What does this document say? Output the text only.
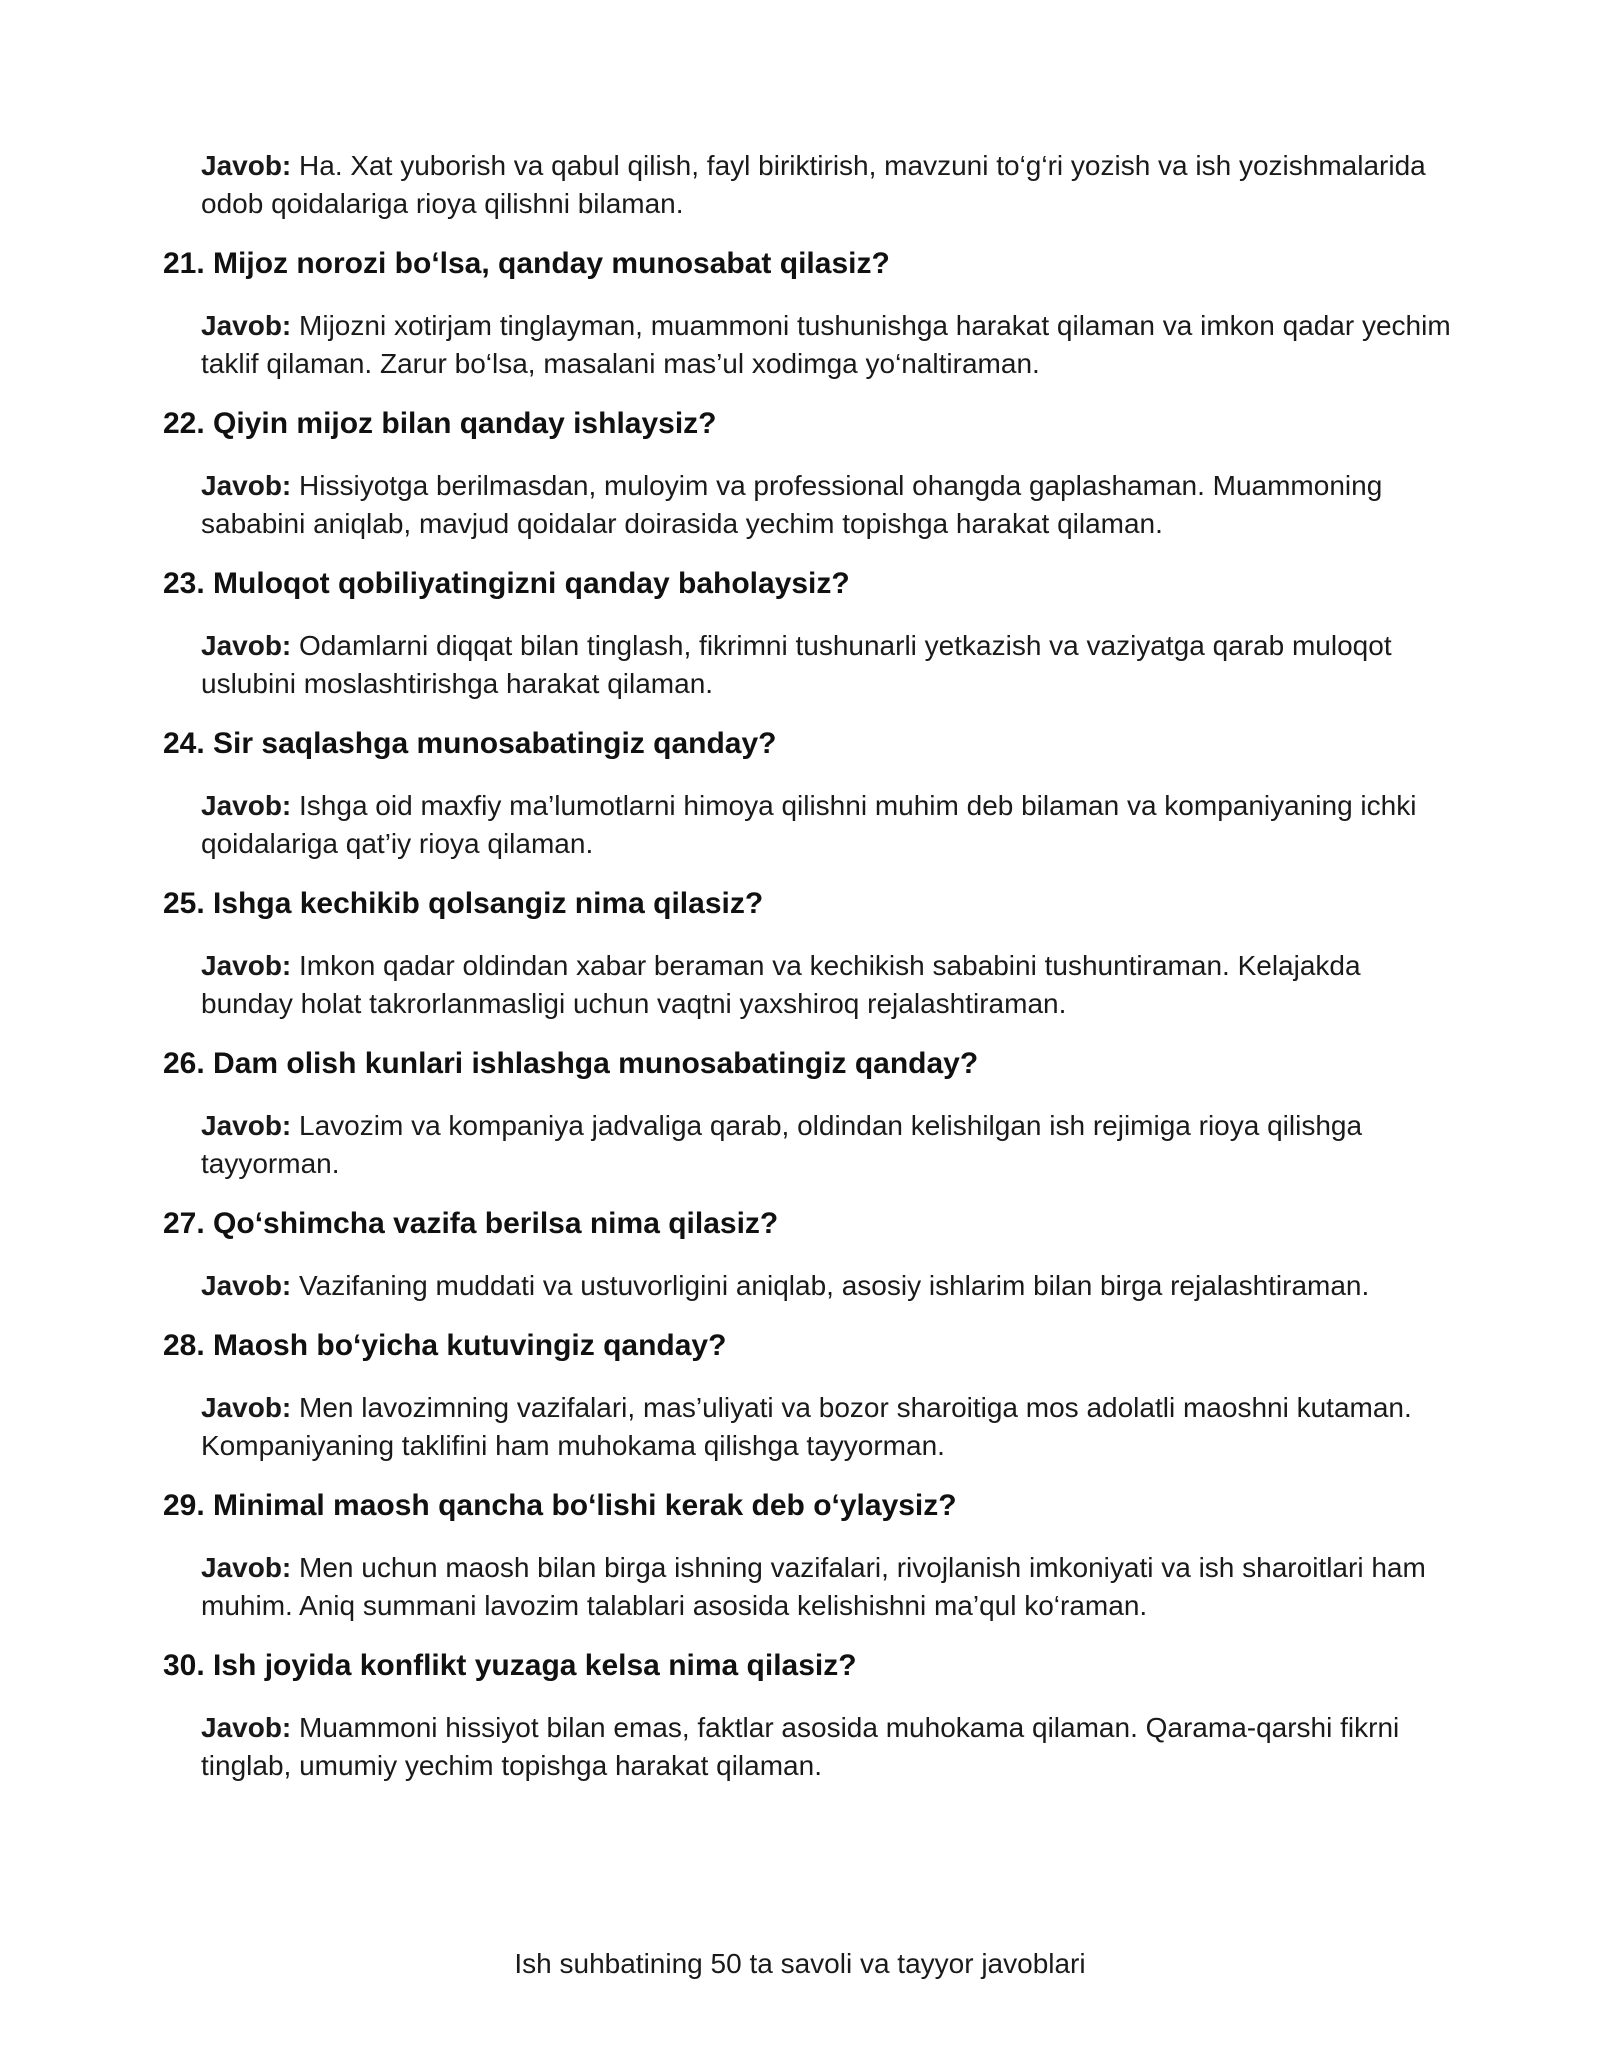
Javob: Ha. Xat yuborish va qabul qilish, fayl biriktirish, mavzuni to‘g‘ri yozish va ish yozishmalarida odob qoidalariga rioya qilishni bilaman.

21. Mijoz norozi bo‘lsa, qanday munosabat qilasiz?

Javob: Mijozni xotirjam tinglayman, muammoni tushunishga harakat qilaman va imkon qadar yechim taklif qilaman. Zarur bo‘lsa, masalani mas’ul xodimga yo‘naltiraman.

22. Qiyin mijoz bilan qanday ishlaysiz?

Javob: Hissiyotga berilmasdan, muloyim va professional ohangda gaplashaman. Muammoning sababini aniqlab, mavjud qoidalar doirasida yechim topishga harakat qilaman.

23. Muloqot qobiliyatingizni qanday baholaysiz?

Javob: Odamlarni diqqat bilan tinglash, fikrimni tushunarli yetkazish va vaziyatga qarab muloqot uslubini moslashtirishga harakat qilaman.

24. Sir saqlashga munosabatingiz qanday?

Javob: Ishga oid maxfiy ma’lumotlarni himoya qilishni muhim deb bilaman va kompaniyaning ichki qoidalariga qat’iy rioya qilaman.

25. Ishga kechikib qolsangiz nima qilasiz?

Javob: Imkon qadar oldindan xabar beraman va kechikish sababini tushuntiraman. Kelajakda bunday holat takrorlanmasligi uchun vaqtni yaxshiroq rejalashtiraman.

26. Dam olish kunlari ishlashga munosabatingiz qanday?

Javob: Lavozim va kompaniya jadvaliga qarab, oldindan kelishilgan ish rejimiga rioya qilishga tayyorman.

27. Qo‘shimcha vazifa berilsa nima qilasiz?

Javob: Vazifaning muddati va ustuvorligini aniqlab, asosiy ishlarim bilan birga rejalashtiraman.

28. Maosh bo‘yicha kutuvingiz qanday?

Javob: Men lavozimning vazifalari, mas’uliyati va bozor sharoitiga mos adolatli maoshni kutaman. Kompaniyaning taklifini ham muhokama qilishga tayyorman.

29. Minimal maosh qancha bo‘lishi kerak deb o‘ylaysiz?

Javob: Men uchun maosh bilan birga ishning vazifalari, rivojlanish imkoniyati va ish sharoitlari ham muhim. Aniq summani lavozim talablari asosida kelishishni ma’qul ko‘raman.

30. Ish joyida konflikt yuzaga kelsa nima qilasiz?

Javob: Muammoni hissiyot bilan emas, faktlar asosida muhokama qilaman. Qarama-qarshi fikrni tinglab, umumiy yechim topishga harakat qilaman.

Ish suhbatining 50 ta savoli va tayyor javoblari
